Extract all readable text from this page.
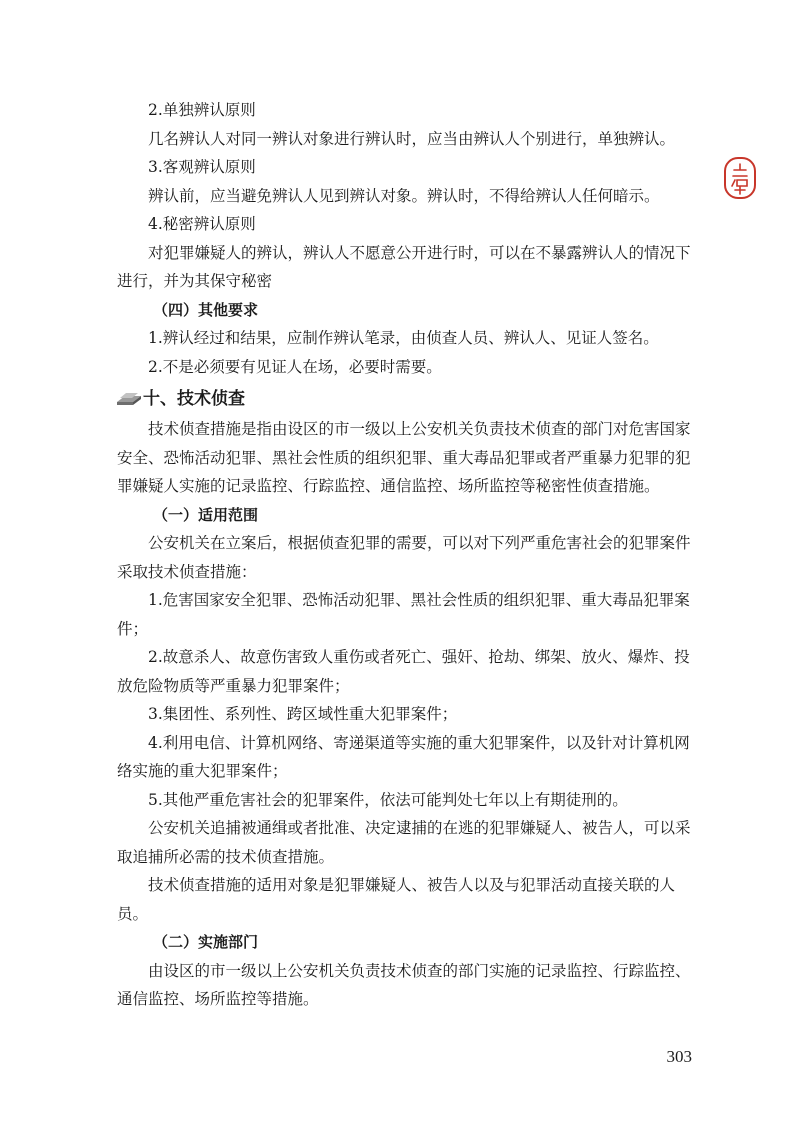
2.单独辨认原则

几名辨认人对同一辨认对象进行辨认时，应当由辨认人个别进行，单独辨认。

3.客观辨认原则

辨认前，应当避免辨认人见到辨认对象。辨认时，不得给辨认人任何暗示。

4.秘密辨认原则

对犯罪嫌疑人的辨认，辨认人不愿意公开进行时，可以在不暴露辨认人的情况下进行，并为其保守秘密

（四）其他要求

1.辨认经过和结果，应制作辨认笔录，由侦查人员、辨认人、见证人签名。

2.不是必须要有见证人在场，必要时需要。

十、技术侦查

技术侦查措施是指由设区的市一级以上公安机关负责技术侦查的部门对危害国家安全、恐怖活动犯罪、黑社会性质的组织犯罪、重大毒品犯罪或者严重暴力犯罪的犯罪嫌疑人实施的记录监控、行踪监控、通信监控、场所监控等秘密性侦查措施。

（一）适用范围

公安机关在立案后，根据侦查犯罪的需要，可以对下列严重危害社会的犯罪案件采取技术侦查措施：

1.危害国家安全犯罪、恐怖活动犯罪、黑社会性质的组织犯罪、重大毒品犯罪案件；

2.故意杀人、故意伤害致人重伤或者死亡、强奸、抢劫、绑架、放火、爆炸、投放危险物质等严重暴力犯罪案件；

3.集团性、系列性、跨区域性重大犯罪案件；

4.利用电信、计算机网络、寄递渠道等实施的重大犯罪案件，以及针对计算机网络实施的重大犯罪案件；

5.其他严重危害社会的犯罪案件，依法可能判处七年以上有期徒刑的。

公安机关追捕被通缉或者批准、决定逮捕的在逃的犯罪嫌疑人、被告人，可以采取追捕所必需的技术侦查措施。

技术侦查措施的适用对象是犯罪嫌疑人、被告人以及与犯罪活动直接关联的人员。

（二）实施部门

由设区的市一级以上公安机关负责技术侦查的部门实施的记录监控、行踪监控、通信监控、场所监控等措施。

303
